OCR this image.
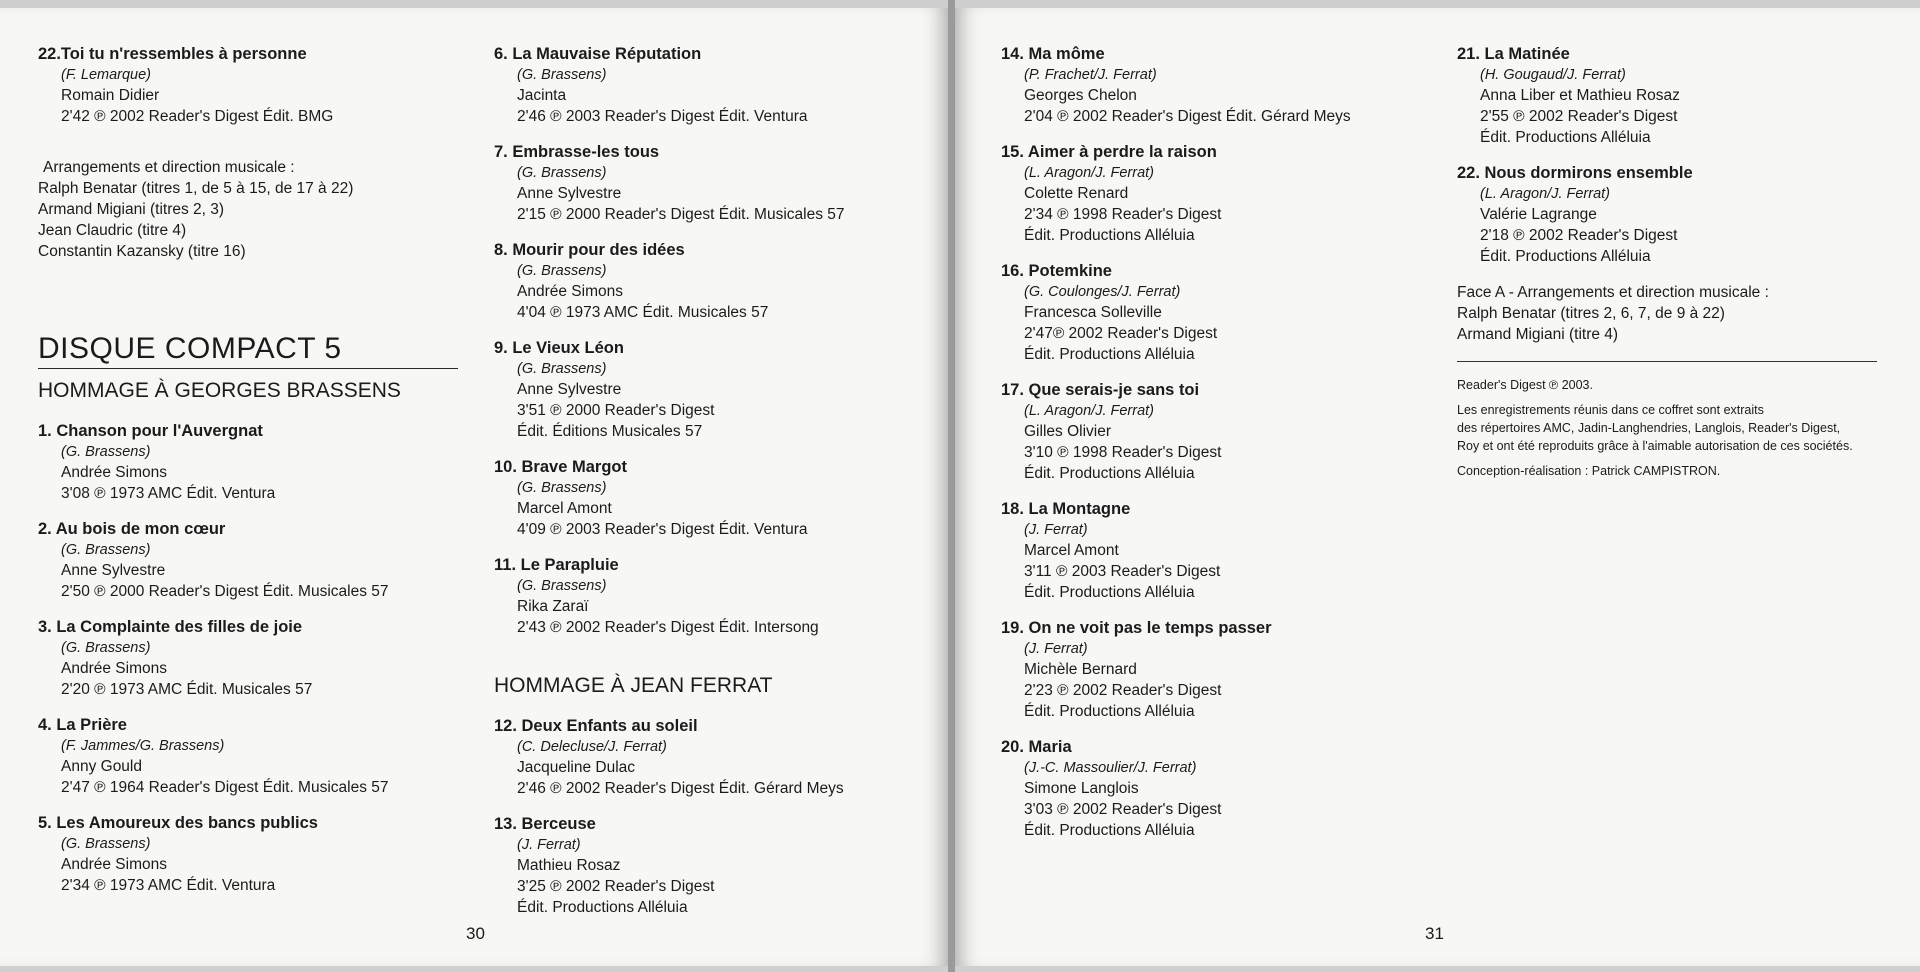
22.Toi tu n'ressembles à personne
(F. Lemarque)
Romain Didier
2'42 ℗ 2002 Reader's Digest Édit. BMG
Arrangements et direction musicale :
Ralph Benatar (titres 1, de 5 à 15, de 17 à 22)
Armand Migiani (titres 2, 3)
Jean Claudric (titre 4)
Constantin Kazansky (titre 16)
DISQUE COMPACT 5
HOMMAGE À GEORGES BRASSENS
1. Chanson pour l'Auvergnat
(G. Brassens)
Andrée Simons
3'08 ℗ 1973 AMC Édit. Ventura
2. Au bois de mon cœur
(G. Brassens)
Anne Sylvestre
2'50 ℗ 2000 Reader's Digest Édit. Musicales 57
3. La Complainte des filles de joie
(G. Brassens)
Andrée Simons
2'20 ℗ 1973 AMC Édit. Musicales 57
4. La Prière
(F. Jammes/G. Brassens)
Anny Gould
2'47 ℗ 1964 Reader's Digest Édit. Musicales 57
5. Les Amoureux des bancs publics
(G. Brassens)
Andrée Simons
2'34 ℗ 1973 AMC Édit. Ventura
6. La Mauvaise Réputation
(G. Brassens)
Jacinta
2'46 ℗ 2003 Reader's Digest Édit. Ventura
7. Embrasse-les tous
(G. Brassens)
Anne Sylvestre
2'15 ℗ 2000 Reader's Digest Édit. Musicales 57
8. Mourir pour des idées
(G. Brassens)
Andrée Simons
4'04 ℗ 1973 AMC Édit. Musicales 57
9. Le Vieux Léon
(G. Brassens)
Anne Sylvestre
3'51 ℗ 2000 Reader's Digest
Édit. Éditions Musicales 57
10. Brave Margot
(G. Brassens)
Marcel Amont
4'09 ℗ 2003 Reader's Digest Édit. Ventura
11. Le Parapluie
(G. Brassens)
Rika Zaraï
2'43 ℗ 2002 Reader's Digest Édit. Intersong
HOMMAGE À JEAN FERRAT
12. Deux Enfants au soleil
(C. Delecluse/J. Ferrat)
Jacqueline Dulac
2'46 ℗ 2002 Reader's Digest Édit. Gérard Meys
13. Berceuse
(J. Ferrat)
Mathieu Rosaz
3'25 ℗ 2002 Reader's Digest
Édit. Productions Alléluia
30
14. Ma môme
(P. Frachet/J. Ferrat)
Georges Chelon
2'04 ℗ 2002 Reader's Digest Édit. Gérard Meys
15. Aimer à perdre la raison
(L. Aragon/J. Ferrat)
Colette Renard
2'34 ℗ 1998 Reader's Digest
Édit. Productions Alléluia
16. Potemkine
(G. Coulonges/J. Ferrat)
Francesca Solleville
2'47℗ 2002 Reader's Digest
Édit. Productions Alléluia
17. Que serais-je sans toi
(L. Aragon/J. Ferrat)
Gilles Olivier
3'10 ℗ 1998 Reader's Digest
Édit. Productions Alléluia
18. La Montagne
(J. Ferrat)
Marcel Amont
3'11 ℗ 2003 Reader's Digest
Édit. Productions Alléluia
19. On ne voit pas le temps passer
(J. Ferrat)
Michèle Bernard
2'23 ℗ 2002 Reader's Digest
Édit. Productions Alléluia
20. Maria
(J.-C. Massoulier/J. Ferrat)
Simone Langlois
3'03 ℗ 2002 Reader's Digest
Édit. Productions Alléluia
21. La Matinée
(H. Gougaud/J. Ferrat)
Anna Liber et Mathieu Rosaz
2'55 ℗ 2002 Reader's Digest
Édit. Productions Alléluia
22. Nous dormirons ensemble
(L. Aragon/J. Ferrat)
Valérie Lagrange
2'18 ℗ 2002 Reader's Digest
Édit. Productions Alléluia
Face A - Arrangements et direction musicale :
Ralph Benatar (titres 2, 6, 7, de 9 à 22)
Armand Migiani (titre 4)

Reader's Digest ℗ 2003.

Les enregistrements réunis dans ce coffret sont extraits

des répertoires AMC, Jadin-Langhendries, Langlois, Reader's Digest,

Roy et ont été reproduits grâce à l'aimable autorisation de ces sociétés.

Conception-réalisation : Patrick CAMPISTRON.

31
